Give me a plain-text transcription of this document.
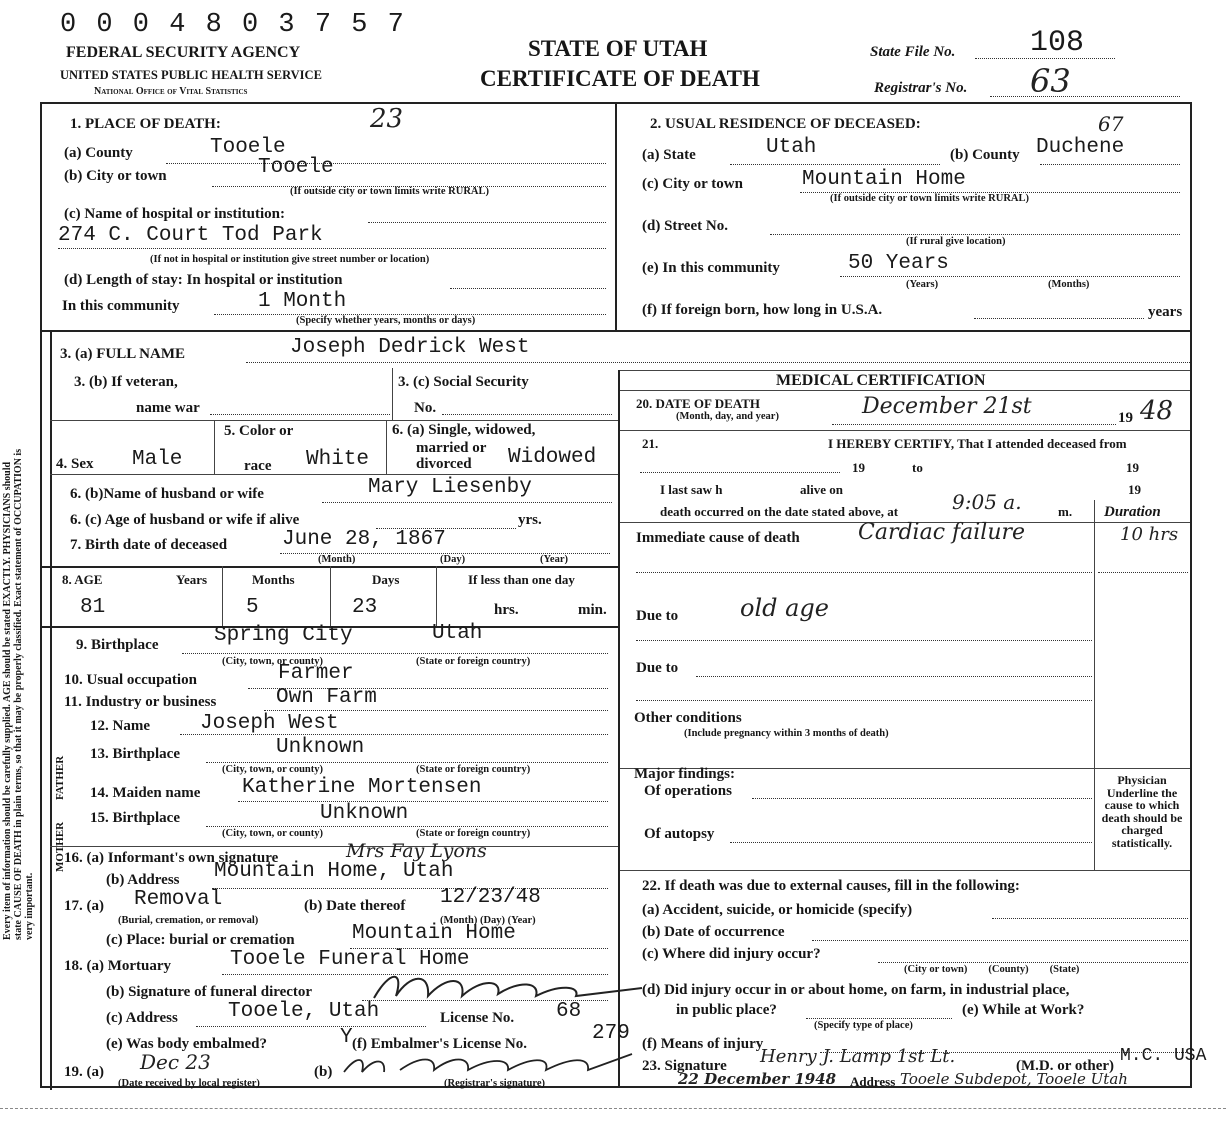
0 0 0 4 8 0 3 7 5 7
FEDERAL SECURITY AGENCY
UNITED STATES PUBLIC HEALTH SERVICE
National Office of Vital Statistics
STATE OF UTAH
CERTIFICATE OF DEATH
State File No. 108
Registrar's No. 63
Every item of information should be carefully supplied. AGE should be stated EXACTLY. PHYSICIANS should state CAUSE OF DEATH in plain terms, so that it may be properly classified. Exact statement of OCCUPATION is very important.
1. PLACE OF DEATH:	23
(a) County	Tooele
(b) City or town	Tooele
(If outside city or town limits write RURAL)
(c) Name of hospital or institution:
274 C. Court Tod Park
(If not in hospital or institution give street number or location)
(d) Length of stay: In hospital or institution
In this community	1 Month
(Specify whether years, months or days)
2. USUAL RESIDENCE OF DECEASED:	67
(a) State	Utah	(b) County Duchene
(c) City or town	Mountain Home
(If outside city or town limits write RURAL)
(d) Street No.
(If rural give location)
(e) In this community	50 Years
(Years)	(Months)
(f) If foreign born, how long in U.S.A.	years
3. (a) FULL NAME	Joseph Dedrick West
3. (b) If veteran,
name war
3. (c) Social Security
No.
4. Sex Male
5. Color or
race White
6. (a) Single, widowed,
married or
divorced Widowed
6. (b)Name of husband or wife	Mary Liesenby
6. (c) Age of husband or wife if alive	yrs.
7. Birth date of deceased	June 28, 1867
(Month)	(Day)	(Year)
8. AGE	Years	Months	Days	If less than one day
81	5	23	hrs.	min.
9. Birthplace	Spring City	Utah
(City, town, or county)	(State or foreign country)
10. Usual occupation	Farmer
11. Industry or business	Own Farm
FATHER
12. Name Joseph West
13. Birthplace	Unknown
(City, town, or county)	(State or foreign country)
14. Maiden name Katherine Mortensen
15. Birthplace	Unknown
(City, town, or county)	(State or foreign country)
16. (a) Informant's own signature	Mrs Fay Lyons
(b) Address Mountain Home, Utah
17. (a) Removal
(Burial, cremation, or removal)
(b) Date thereof 12/23/48
(Month) (Day) (Year)
(c) Place: burial or cremation	Mountain Home
18. (a) Mortuary	Tooele Funeral Home
(b) Signature of funeral director
(c) Address Tooele, Utah	License No. 68
(e) Was body embalmed?	Y (f) Embalmer's License No.	279
19. (a) Dec 23
(Date received by local register)
(b)
(Registrar's signature)
MEDICAL CERTIFICATION
20. DATE OF DEATH
(Month, day, and year)	December 21st	19 48
21.	I HEREBY CERTIFY, That I attended deceased from
19	to	19
I last saw h	alive on	19
death occurred on the date stated above, at	9:05 a.	m. Duration
Immediate cause of death	Cardiac failure	10 hrs
Due to	old age
Due to
Other conditions
(Include pregnancy within 3 months of death)
Major findings:
Of operations
Of autopsy
Physician Underline the cause to which death should be charged statistically.
22. If death was due to external causes, fill in the following:
(a) Accident, suicide, or homicide (specify)
(b) Date of occurrence
(c) Where did injury occur?
(City or town)        (County)        (State)
(d) Did injury occur in or about home, on farm, in industrial place,
in public place?
(Specify type of place)
(e) While at Work?
(f) Means of injury
23. Signature Henry J. Lamp 1st Lt.	(M.D. or other) M.C. USA
22 December 1948 Address Tooele Subdepot, Tooele Utah
